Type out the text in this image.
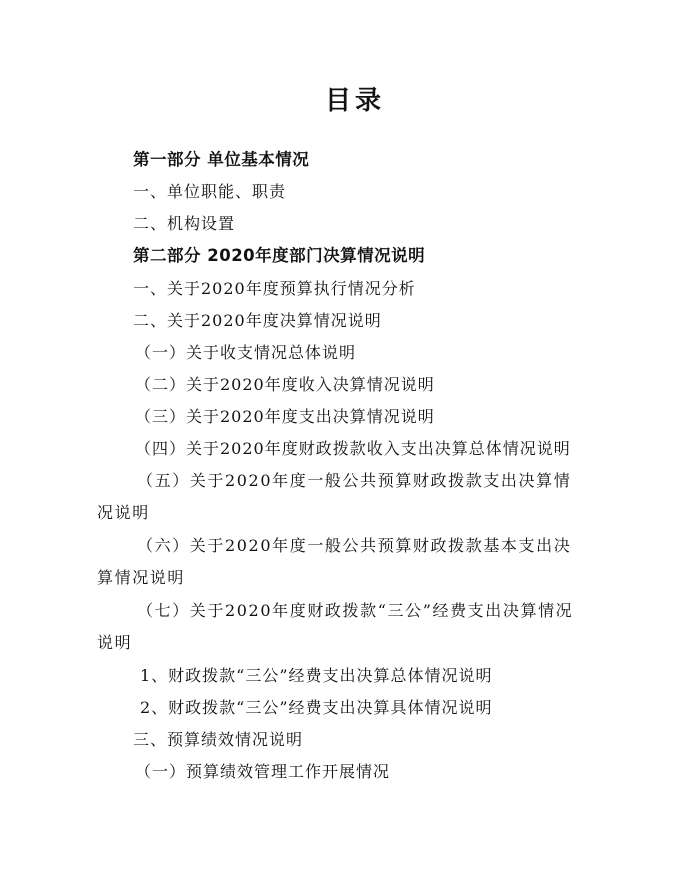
目录
第一部分 单位基本情况
一、单位职能、职责
二、机构设置
第二部分 2020年度部门决算情况说明
一、关于2020年度预算执行情况分析
二、关于2020年度决算情况说明
（一）关于收支情况总体说明
（二）关于2020年度收入决算情况说明
（三）关于2020年度支出决算情况说明
（四）关于2020年度财政拨款收入支出决算总体情况说明
（五）关于2020年度一般公共预算财政拨款支出决算情况说明
（六）关于2020年度一般公共预算财政拨款基本支出决算情况说明
（七）关于2020年度财政拨款“三公”经费支出决算情况说明
1、财政拨款“三公”经费支出决算总体情况说明
2、财政拨款“三公”经费支出决算具体情况说明
三、预算绩效情况说明
（一）预算绩效管理工作开展情况
